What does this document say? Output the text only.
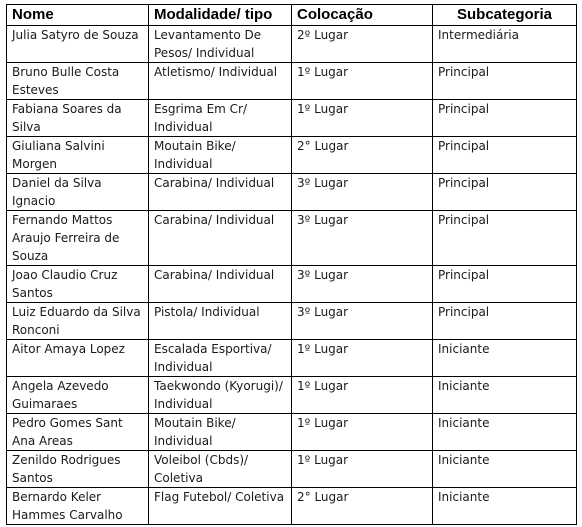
Nome	Modalidade/ tipo	Colocação	Subcategoria
Julia Satyro de Souza	Levantamento De Pesos/ Individual	2º Lugar	Intermediária
Bruno Bulle Costa Esteves	Atletismo/ Individual	1º Lugar	Principal
Fabiana Soares da Silva	Esgrima Em Cr/ Individual	1º Lugar	Principal
Giuliana Salvini Morgen	Moutain Bike/ Individual	2° Lugar	Principal
Daniel da Silva Ignacio	Carabina/ Individual	3º Lugar	Principal
Fernando Mattos Araujo Ferreira de Souza	Carabina/ Individual	3º Lugar	Principal
Joao Claudio Cruz Santos	Carabina/ Individual	3º Lugar	Principal
Luiz Eduardo da Silva Ronconi	Pistola/ Individual	3º Lugar	Principal
Aitor Amaya Lopez	Escalada Esportiva/ Individual	1º Lugar	Iniciante
Angela Azevedo Guimaraes	Taekwondo (Kyorugi)/ Individual	1º Lugar	Iniciante
Pedro Gomes Sant Ana Areas	Moutain Bike/ Individual	1º Lugar	Iniciante
Zenildo Rodrigues Santos	Voleibol (Cbds)/ Coletiva	1º Lugar	Iniciante
Bernardo Keler Hammes Carvalho	Flag Futebol/ Coletiva	2° Lugar	Iniciante
